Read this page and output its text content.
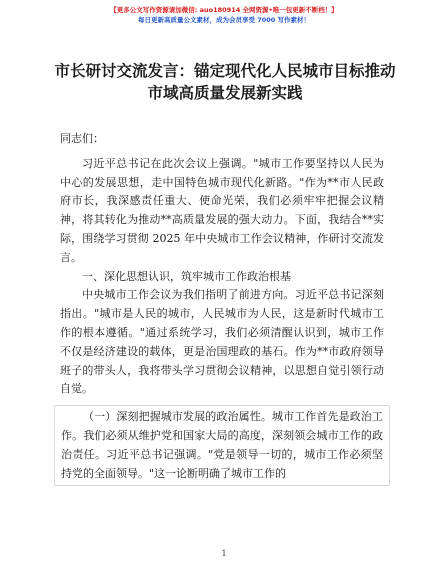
【更多公文写作资源请加微信: auo180914 全网资源•唯一包更新不断档！】
每日更新高质量公文素材，成为会员享受 7000 写作素材！
市长研讨交流发言：锚定现代化人民城市目标推动市域高质量发展新实践

同志们：

习近平总书记在此次会议上强调。"城市工作要坚持以人民为中心的发展思想，走中国特色城市现代化新路。"作为**市人民政府市长，我深感责任重大、使命光荣，我们必须牢牢把握会议精神，将其转化为推动**高质量发展的强大动力。下面，我结合**实际，围绕学习贯彻 2025 年中央城市工作会议精神，作研讨交流发言。

一、深化思想认识，筑牢城市工作政治根基

中央城市工作会议为我们指明了前进方向。习近平总书记深刻指出。"城市是人民的城市，人民城市为人民，这是新时代城市工作的根本遵循。"通过系统学习，我们必须清醒认识到，城市工作不仅是经济建设的载体，更是治国理政的基石。作为**市政府领导班子的带头人，我将带头学习贯彻会议精神，以思想自觉引领行动自觉。

（一）深刻把握城市发展的政治属性。城市工作首先是政治工作。我们必须从维护党和国家大局的高度，深刻领会城市工作的政治责任。习近平总书记强调。"党是领导一切的，城市工作必须坚持党的全面领导。"这一论断明确了城市工作的

1
